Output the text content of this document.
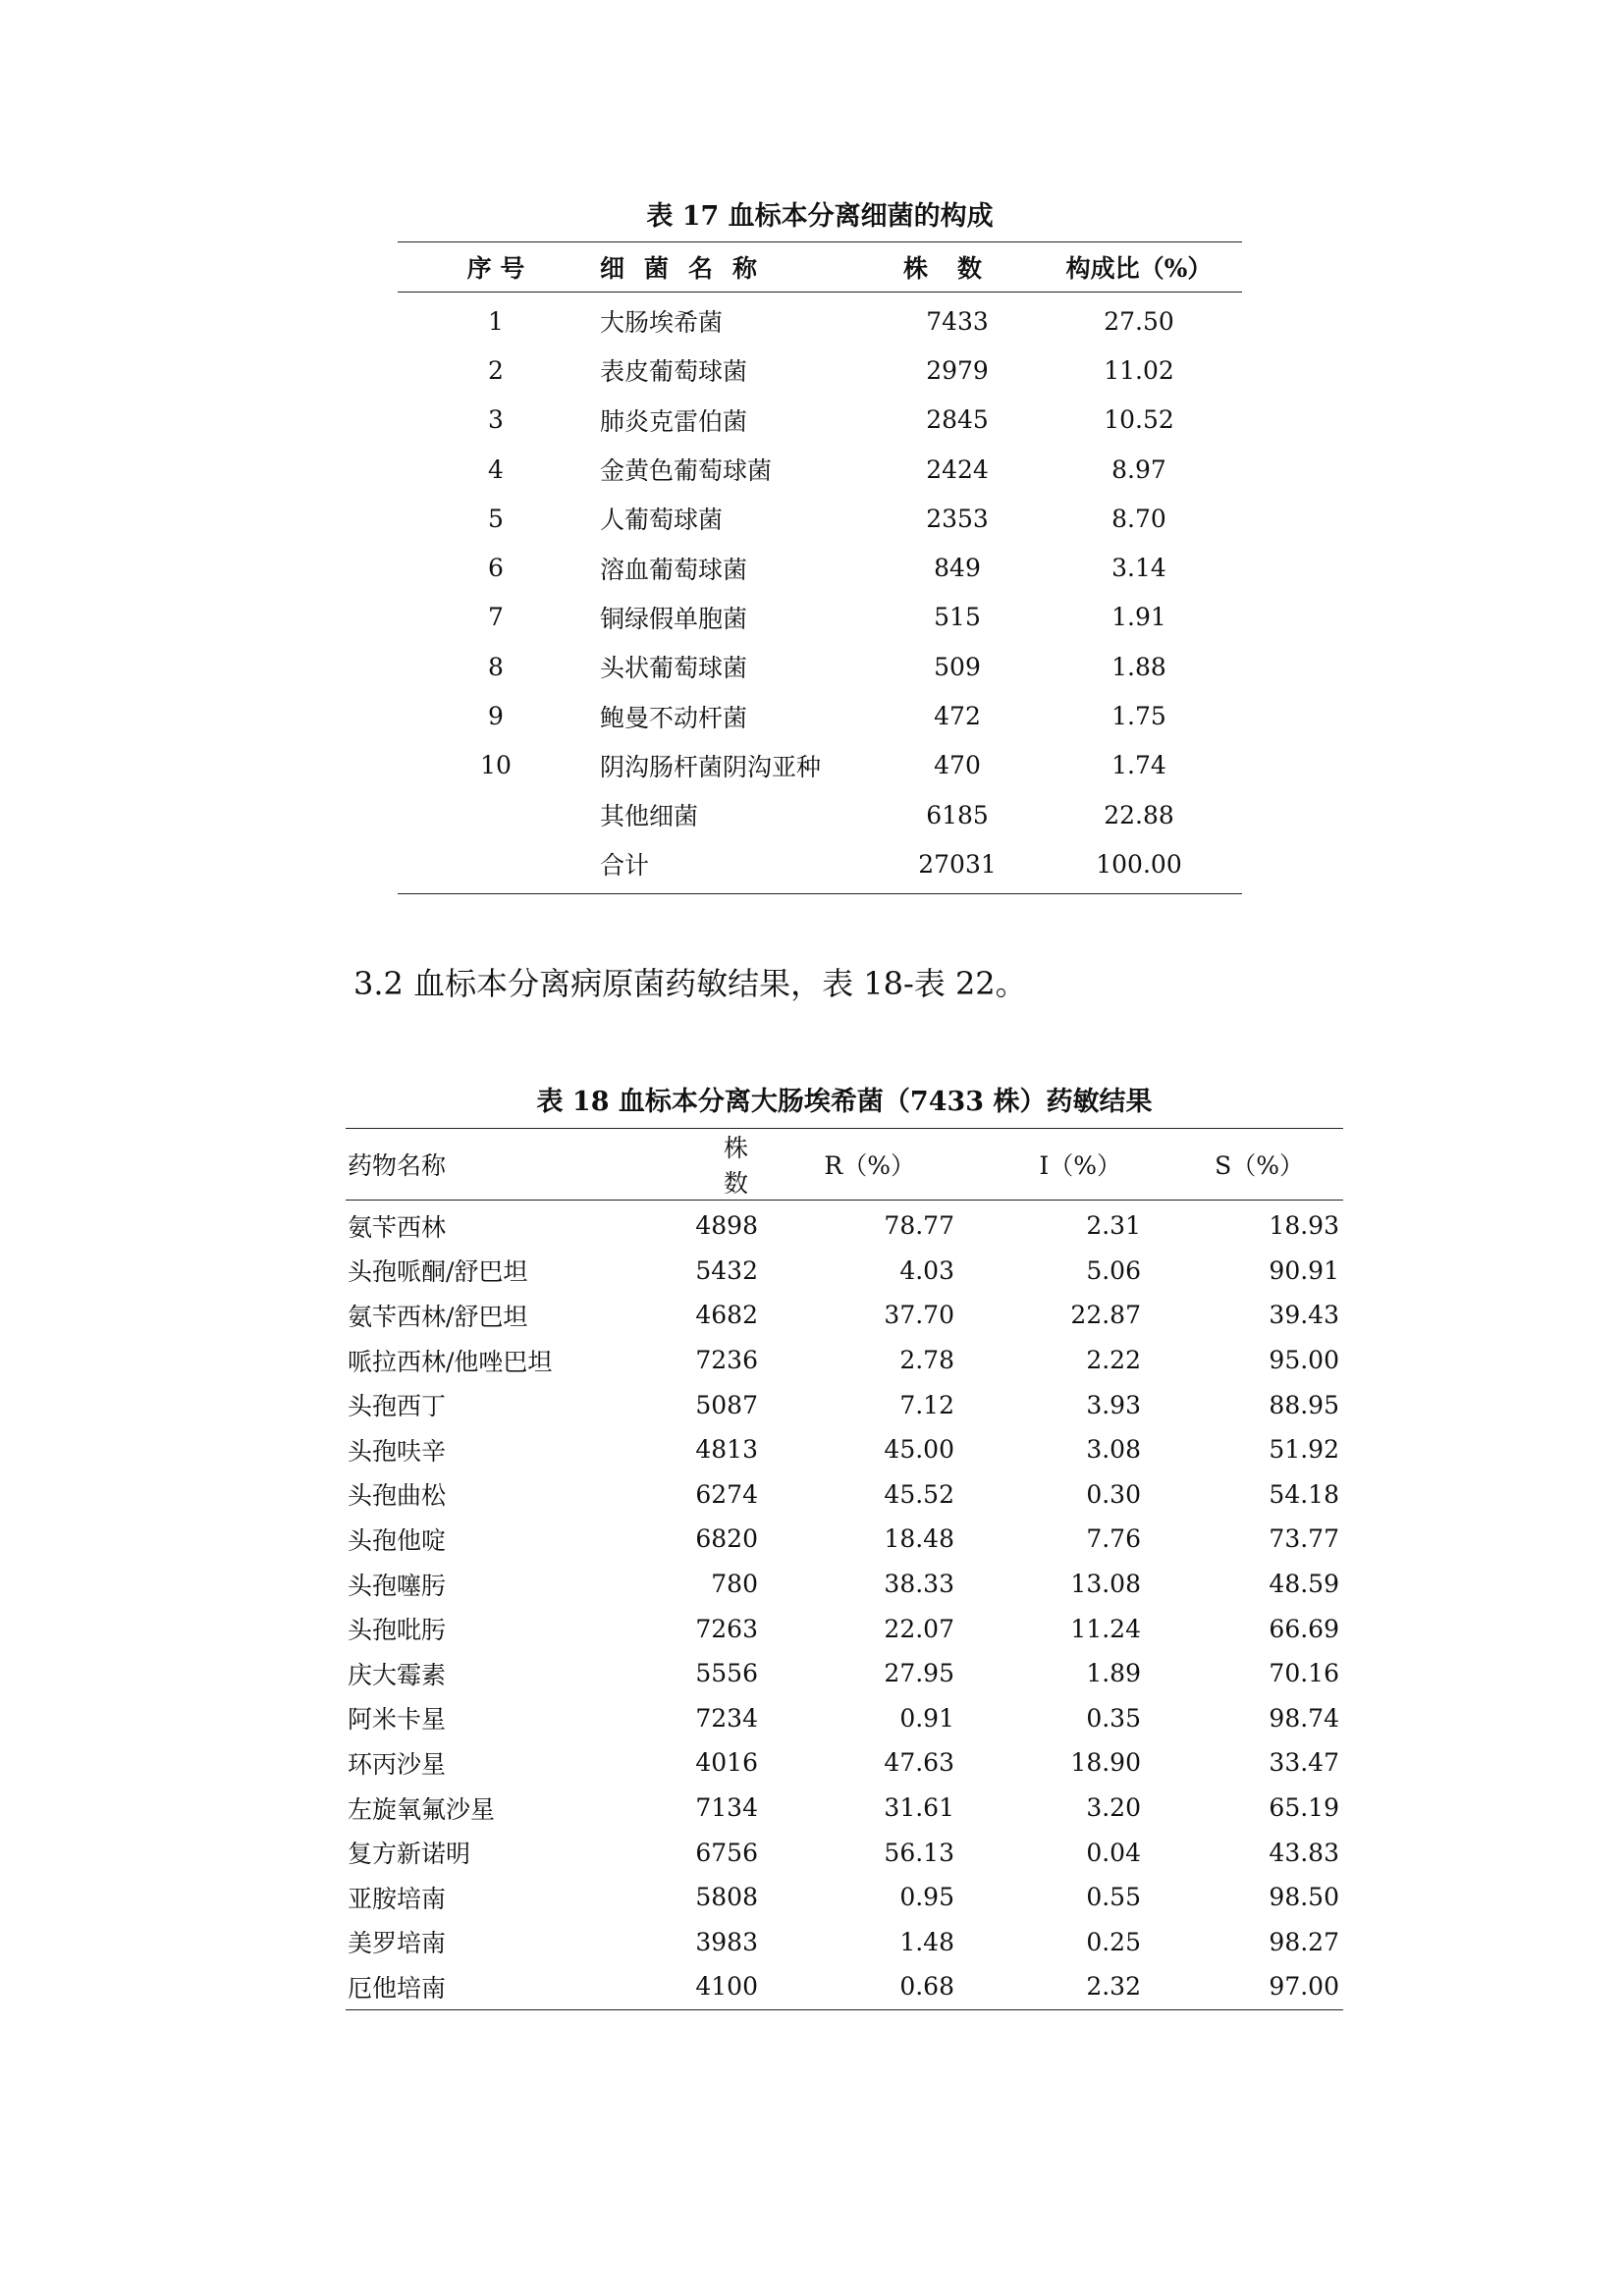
表 17 血标本分离细菌的构成
序 号	细菌名称	株数	构成比（%）
1	大肠埃希菌	7433	27.50
2	表皮葡萄球菌	2979	11.02
3	肺炎克雷伯菌	2845	10.52
4	金黄色葡萄球菌	2424	8.97
5	人葡萄球菌	2353	8.70
6	溶血葡萄球菌	849	3.14
7	铜绿假单胞菌	515	1.91
8	头状葡萄球菌	509	1.88
9	鲍曼不动杆菌	472	1.75
10	阴沟肠杆菌阴沟亚种	470	1.74
	其他细菌	6185	22.88
	合计	27031	100.00
3.2 血标本分离病原菌药敏结果，表 18-表 22。
表 18 血标本分离大肠埃希菌（7433 株）药敏结果
药物名称	株数	R（%）	I（%）	S（%）
氨苄西林	4898	78.77	2.31	18.93
头孢哌酮/舒巴坦	5432	4.03	5.06	90.91
氨苄西林/舒巴坦	4682	37.70	22.87	39.43
哌拉西林/他唑巴坦	7236	2.78	2.22	95.00
头孢西丁	5087	7.12	3.93	88.95
头孢呋辛	4813	45.00	3.08	51.92
头孢曲松	6274	45.52	0.30	54.18
头孢他啶	6820	18.48	7.76	73.77
头孢噻肟	780	38.33	13.08	48.59
头孢吡肟	7263	22.07	11.24	66.69
庆大霉素	5556	27.95	1.89	70.16
阿米卡星	7234	0.91	0.35	98.74
环丙沙星	4016	47.63	18.90	33.47
左旋氧氟沙星	7134	31.61	3.20	65.19
复方新诺明	6756	56.13	0.04	43.83
亚胺培南	5808	0.95	0.55	98.50
美罗培南	3983	1.48	0.25	98.27
厄他培南	4100	0.68	2.32	97.00
